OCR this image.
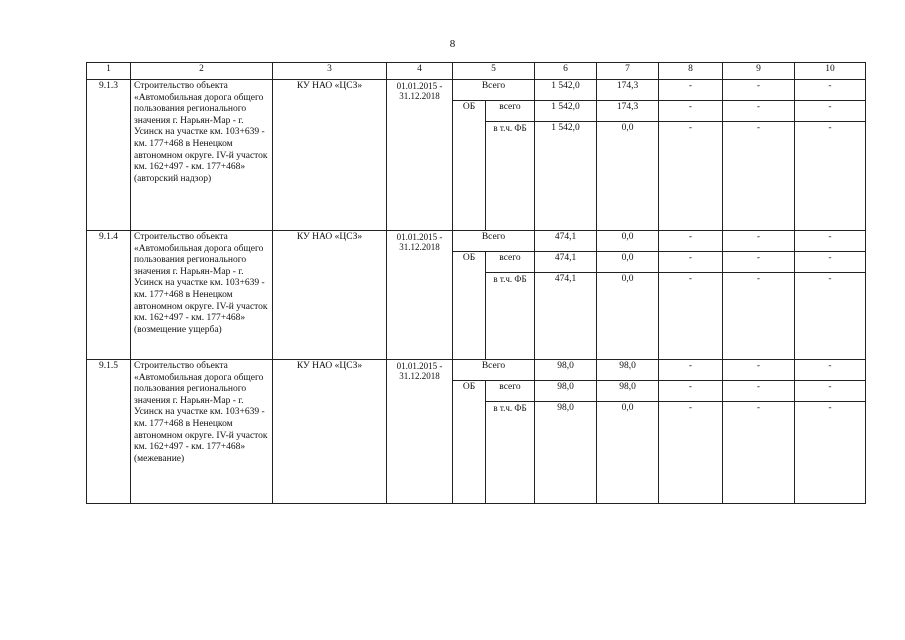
8
1	2	3	4	5		6	7	8	9	10
9.1.3	Строительство объекта «Автомобильная дорога общего пользования регионального значения г. Нарьян-Мар - г. Усинск на участке км. 103+639 - км. 177+468 в Ненецком автономном округе. IV-й участок км. 162+497 - км. 177+468» (авторский надзор)	КУ НАО «ЦСЗ»	01.01.2015 - 31.12.2018	Всего		1 542,0	174,3	-	-	-
				ОБ	всего	1 542,0	174,3	-	-	-
					в т.ч. ФБ	1 542,0	0,0	-	-	-
9.1.4	Строительство объекта «Автомобильная дорога общего пользования регионального значения г. Нарьян-Мар - г. Усинск на участке км. 103+639 - км. 177+468 в Ненецком автономном округе. IV-й участок км. 162+497 - км. 177+468» (возмещение ущерба)	КУ НАО «ЦСЗ»	01.01.2015 - 31.12.2018	Всего		474,1	0,0	-	-	-
				ОБ	всего	474,1	0,0	-	-	-
					в т.ч. ФБ	474,1	0,0	-	-	-
9.1.5	Строительство объекта «Автомобильная дорога общего пользования регионального значения г. Нарьян-Мар - г. Усинск на участке км. 103+639 - км. 177+468 в Ненецком автономном округе. IV-й участок км. 162+497 - км. 177+468» (межевание)	КУ НАО «ЦСЗ»	01.01.2015 - 31.12.2018	Всего		98,0	98,0	-	-	-
				ОБ	всего	98,0	98,0	-	-	-
					в т.ч. ФБ	98,0	0,0	-	-	-
